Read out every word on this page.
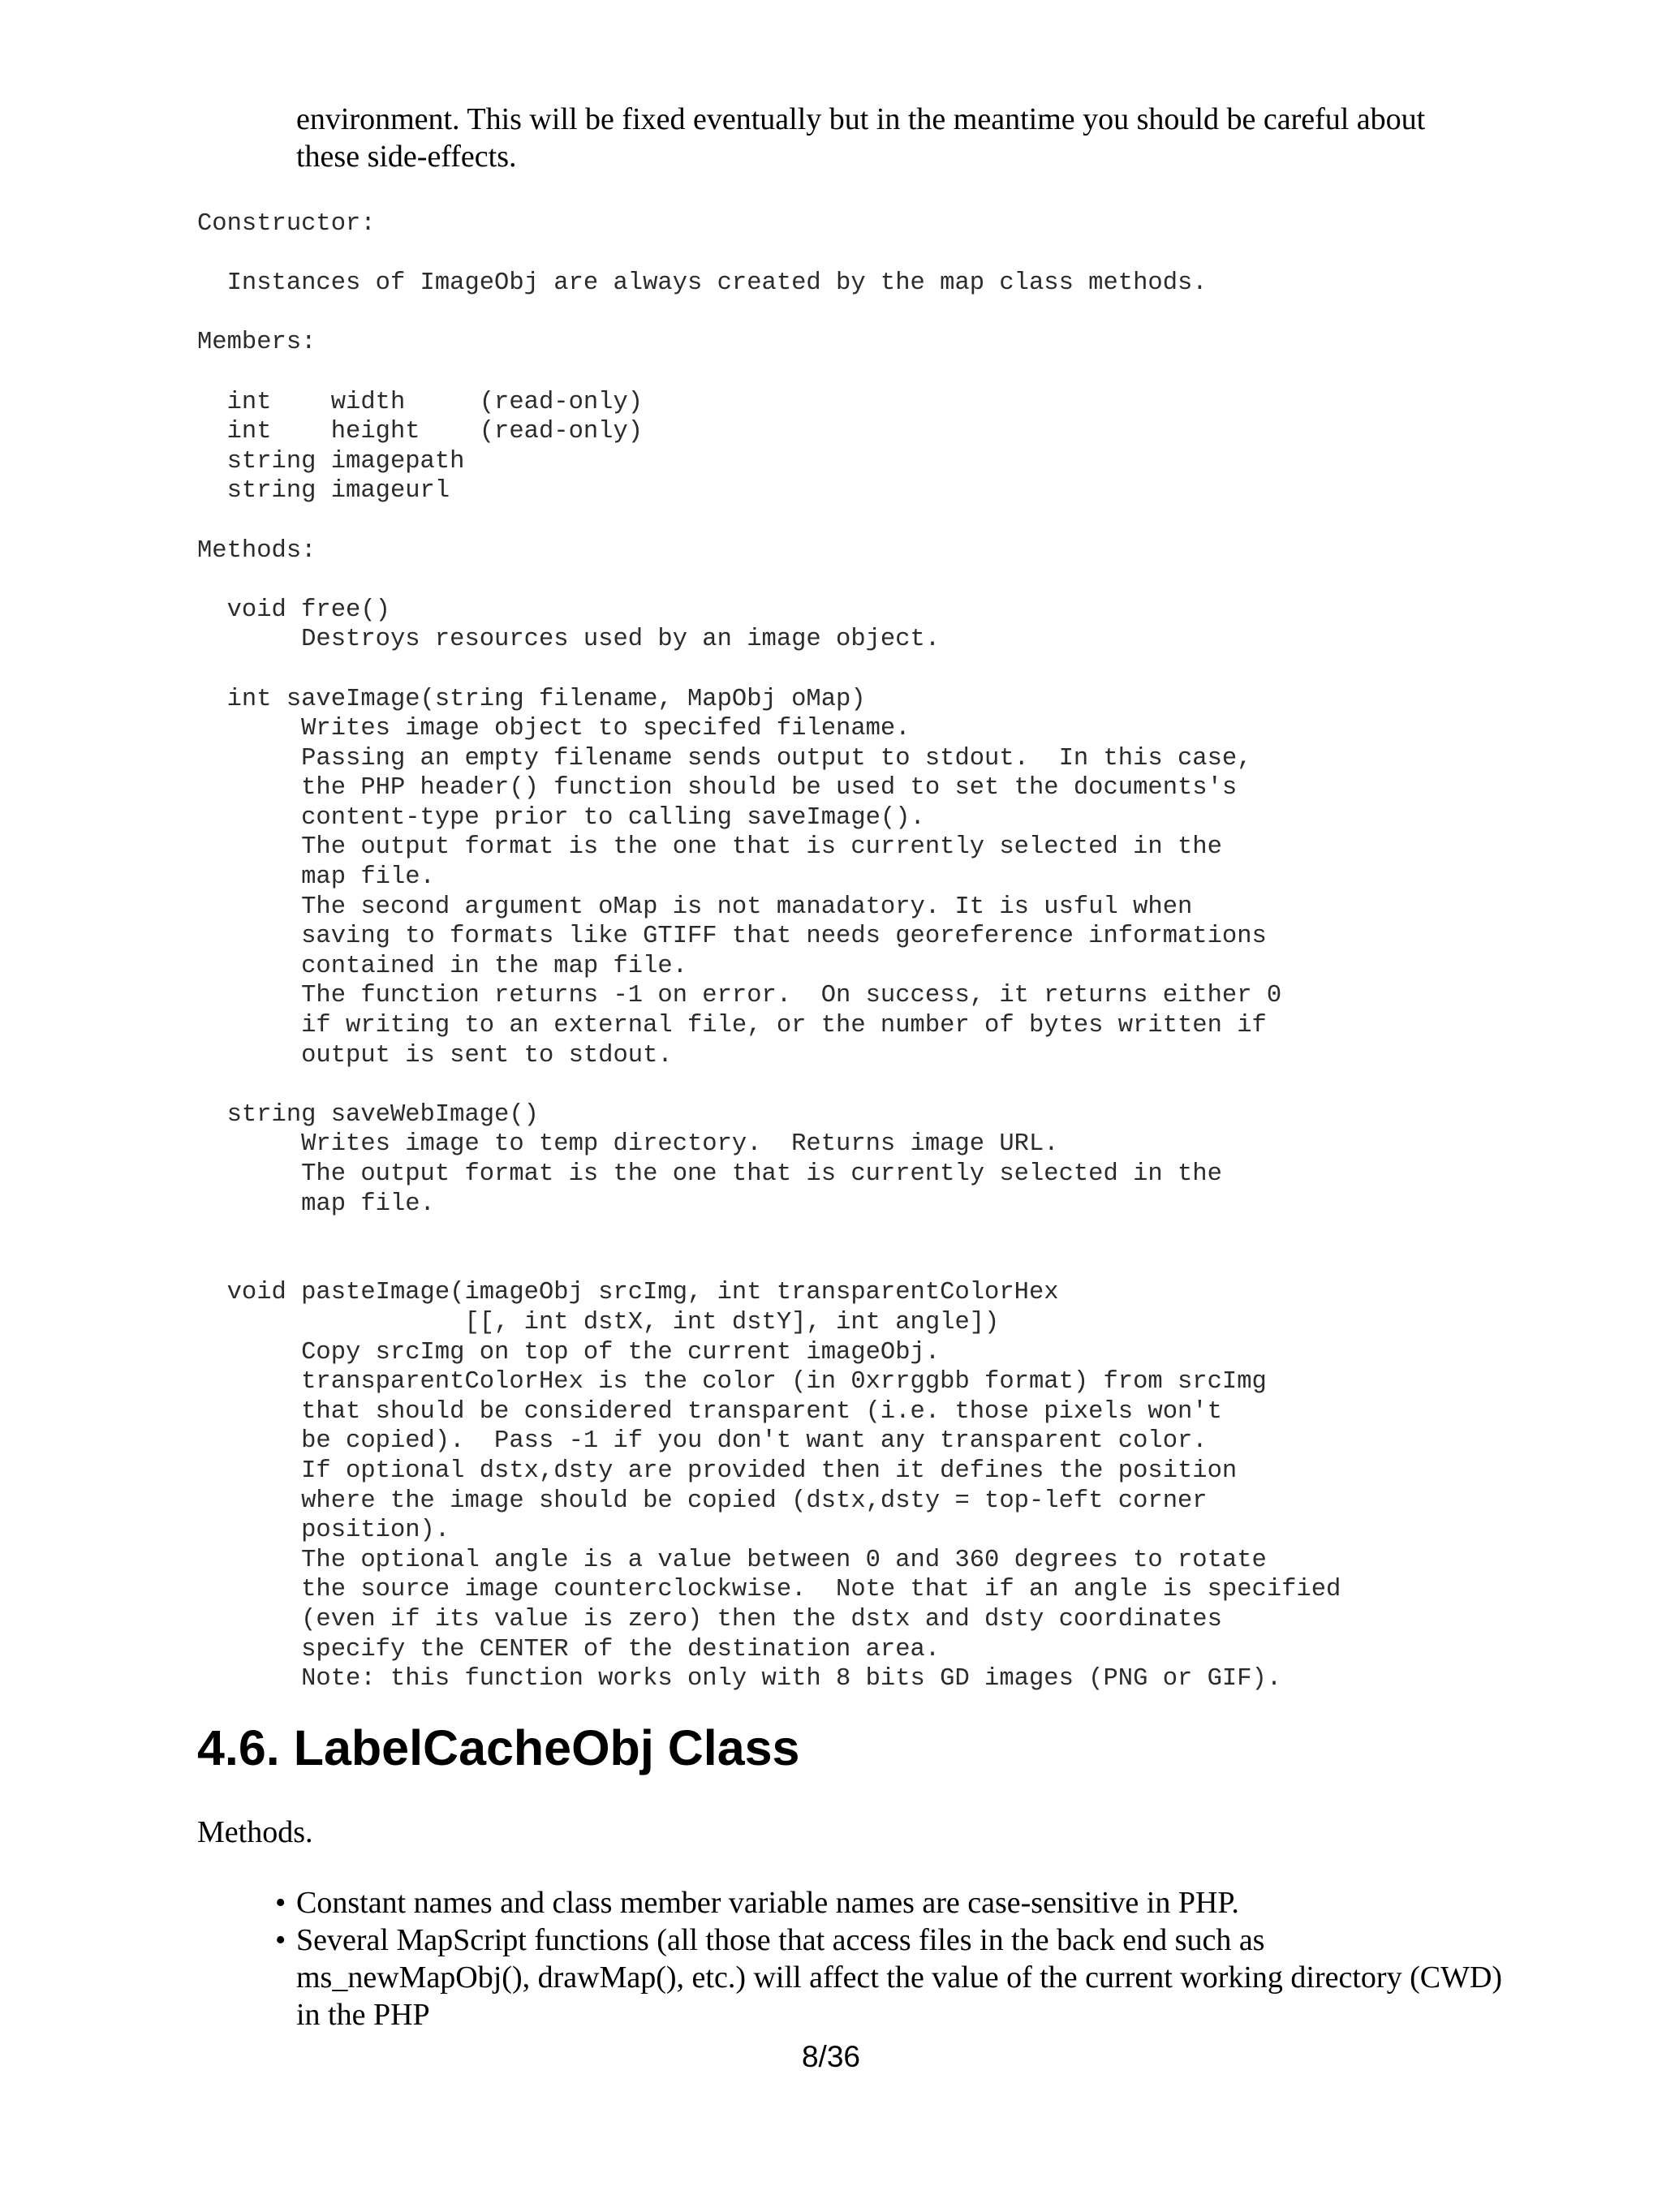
environment. This will be fixed eventually but in the meantime you should be careful about these side-effects.

Constructor:
Instances of ImageObj are always created by the map class methods.
Members:
int    width     (read-only)
int    height    (read-only)
string imagepath
string imageurl
Methods:
void free()
Destroys resources used by an image object.
int saveImage(string filename, MapObj oMap)
Writes image object to specifed filename.
Passing an empty filename sends output to stdout.  In this case,
the PHP header() function should be used to set the documents's
content-type prior to calling saveImage().
The output format is the one that is currently selected in the
map file.
The second argument oMap is not manadatory. It is usful when
saving to formats like GTIFF that needs georeference informations
contained in the map file.
The function returns -1 on error.  On success, it returns either 0
if writing to an external file, or the number of bytes written if
output is sent to stdout.
string saveWebImage()
Writes image to temp directory.  Returns image URL.
The output format is the one that is currently selected in the
map file.
void pasteImage(imageObj srcImg, int transparentColorHex
[[, int dstX, int dstY], int angle])
Copy srcImg on top of the current imageObj.
transparentColorHex is the color (in 0xrrggbb format) from srcImg
that should be considered transparent (i.e. those pixels won't
be copied).  Pass -1 if you don't want any transparent color.
If optional dstx,dsty are provided then it defines the position
where the image should be copied (dstx,dsty = top-left corner
position).
The optional angle is a value between 0 and 360 degrees to rotate
the source image counterclockwise.  Note that if an angle is specified
(even if its value is zero) then the dstx and dsty coordinates
specify the CENTER of the destination area.
Note: this function works only with 8 bits GD images (PNG or GIF).
4.6. LabelCacheObj Class

Methods.

• Constant names and class member variable names are case-sensitive in PHP.
• Several MapScript functions (all those that access files in the back end such as ms_newMapObj(), drawMap(), etc.) will affect the value of the current working directory (CWD) in the PHP
8/36
